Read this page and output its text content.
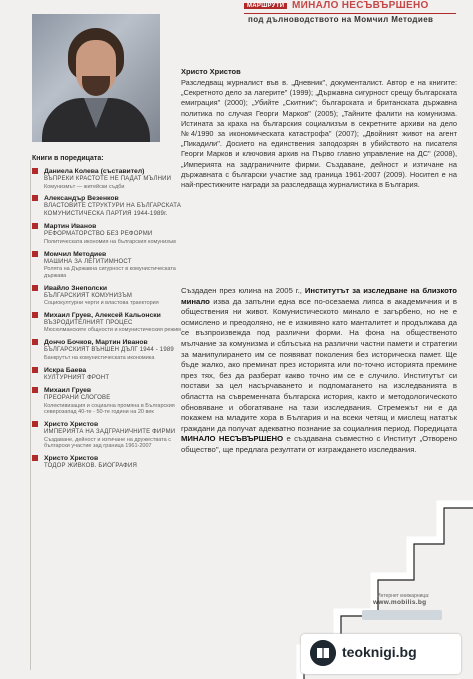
МАРШРУТИ МИНАЛО НЕСЪВЪРШЕНО
под дълноводството на Момчил Методиев
Христо Христов
Разследващ журналист във в. „Дневник", документалист. Автор е на книгите: „Секретното дело за лагерите" (1999); „Държавна сигурност срещу българската емиграция" (2000); „Убийте „Скитник"; българската и британската държавна политика по случая Георги Марков" (2005); „Тайните фалити на комунизма. Истината за краха на българския социализъм в секретните архиви на дело №4/1990 за икономическата катастрофа" (2007); „Двойният живот на агент „Пикадили". Досието на единствения заподозрян в убийството на писателя Георги Марков и ключовия архив на Първо главно управление на ДС" (2008), „Империята на задграничните фирми. Създаване, дейност и изтичане на държавната с български участие зад граница 1961-2007 (2009). Носител е на най-престижните награди за разследваща журналистика в България.
Книги в поредицата:
Даниела Колева (съставител)
ВЪПРЕКИ КРАСТОТЕ НЕ ПАДАТ МЪЛНИИ
Комунизмът — житейски съдби
Александър Везенков
ВЛАСТОВИТЕ СТРУКТУРИ НА БЪЛГАРСКАТА КОМУНИСТИЧЕСКА ПАРТИЯ 1944-1989г.
Мартин Иванов
РЕФОРМАТОРСТВО БЕЗ РЕФОРМИ
Политическата икономия на българския комунизъм
Момчил Методиев
МАШИНА ЗА ЛЕГИТИМНОСТ
Ролята на Държавна сигурност в комунистическата държава
Ивайло Знеполски
БЪЛГАРСКИЯТ КОМУНИЗЪМ
Социокултурни черти и властова траектория
Михаил Груев, Алексей Кальонски
ВЪЗРОДИТЕЛНИЯТ ПРОЦЕС
Мюсюлманските общности и комунистическия режим
Дончо Бочков, Мартин Иванов
БЪЛГАРСКИЯТ ВЪНШЕН ДЪЛГ 1944 - 1989
Банкрутът на комунистическата икономика
Искра Баева
КУЛТУРНИЯТ ФРОНТ
Михаил Груев
ПРЕОРАНИ СЛОГОВЕ
Колективизация и социална промяна в Българския северозапад 40-те - 50-те години на 20 век
Христо Христов
ИМПЕРИЯТА НА ЗАДГРАНИЧНИТЕ ФИРМИ
Създаване, дейност и изтичане на дружествата с български участие зад граница 1961-2007
Христо Христов
ТОДОР ЖИВКОВ. БИОГРАФИЯ
Създаден през юлина на 2005 г., Институтът за изследване на близкото минало изва да запълни една все по-осезаема липса в академичния и в обществения ни живот. Комунистическото минало е загърбено, но не е осмислено и преодоляно, не е изживяно като манталитет и продължава да се възпроизвежда под различни форми. На фона на общественото мълчание за комунизма и сблъсъка на различни частни памети и стратегии за манипулирането им се появяват поколения без историческа памет. Ще бъде жалко, ако преминат през историята или по-точно историята премине през тях, без да разберат какво точно им се е случило. Институтът си постави за цел насърчаването и подпомагането на изследванията в областта на съвременната българска история, както и методологическото обновяване и обогатяване на тази изследвания. Стремежът ни е да покажем на младите хора в България и на всеки четящ и мислещ нататък граждани да получат адекватно познание за социалния период. Поредицата МИНАЛО НЕСЪВЪРШЕНО е създавана съвместно с Институт „Отворено общество", ще предлага резултати от изграждането изследвания.
Интернет книжарница:
www.mobilis.bg
teoknigi.bg
